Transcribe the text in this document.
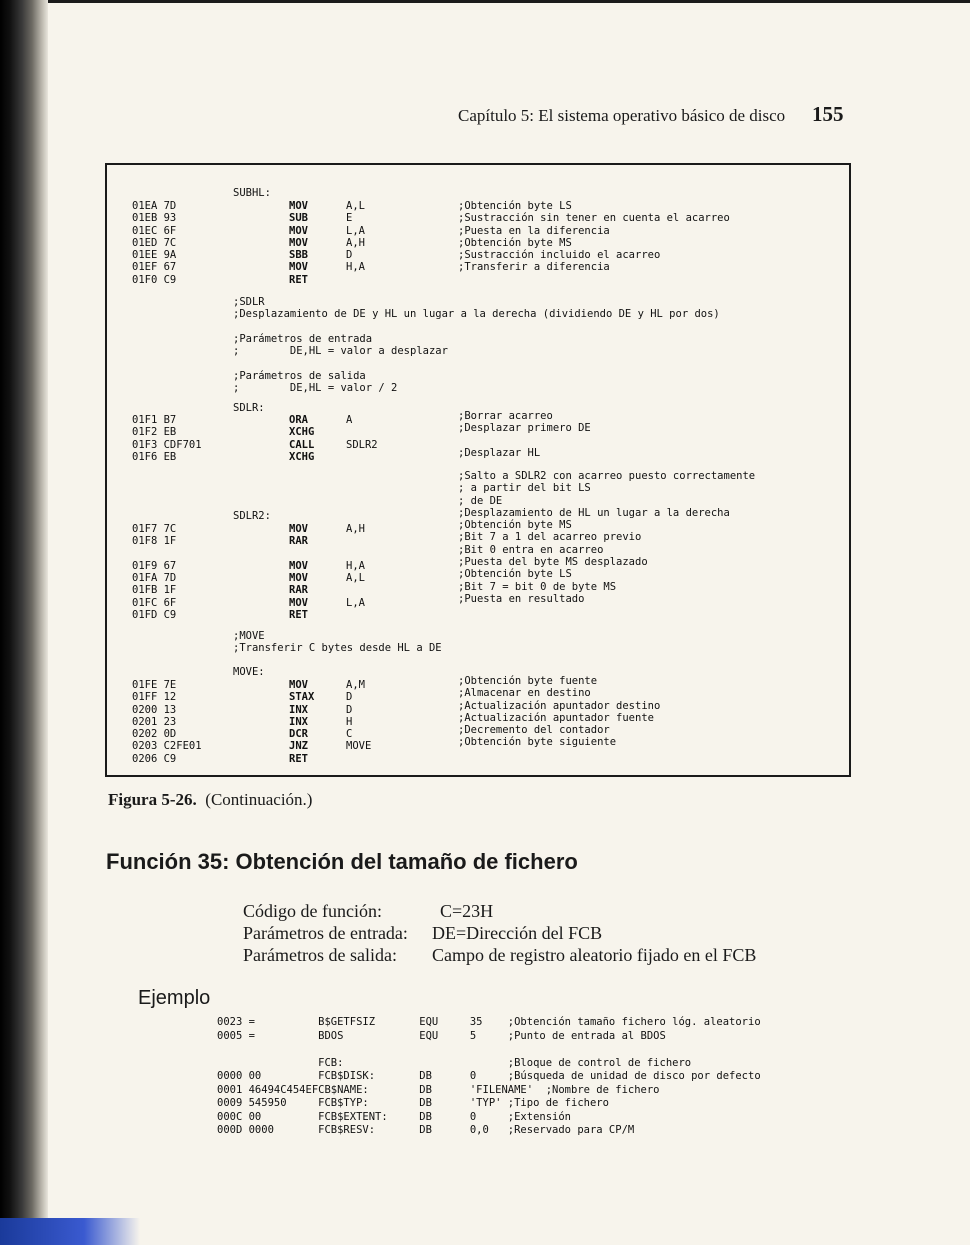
Capítulo 5: El sistema operativo básico de disco 155
SUBHL:
01EA 7D
01EB 93
01EC 6F
01ED 7C
01EE 9A
01EF 67
01F0 C9
MOV
SUB
MOV
MOV
SBB
MOV
RET
A,L
E
L,A
A,H
D
H,A

;Obtención byte LS
;Sustracción sin tener en cuenta el acarreo
;Puesta en la diferencia
;Obtención byte MS
;Sustracción incluido el acarreo
;Transferir a diferencia
;SDLR
;Desplazamiento de DE y HL un lugar a la derecha (dividiendo DE y HL por dos)

;Parámetros de entrada
;        DE,HL = valor a desplazar

;Parámetros de salida
;        DE,HL = valor / 2
SDLR:
01F1 B7
01F2 EB
01F3 CDF701
01F6 EB
ORA
XCHG
CALL
XCHG
A

SDLR2

;Borrar acarreo
;Desplazar primero DE
;Desplazar HL
;Salto a SDLR2 con acarreo puesto correctamente
; a partir del bit LS
; de DE
;Desplazamiento de HL un lugar a la derecha
;Obtención byte MS
;Bit 7 a 1 del acarreo previo
;Bit 0 entra en acarreo
;Puesta del byte MS desplazado
;Obtención byte LS
;Bit 7 = bit 0 de byte MS
;Puesta en resultado
SDLR2:
01F7 7C
01F8 1F

01F9 67
01FA 7D
01FB 1F
01FC 6F
01FD C9
MOV
RAR

MOV
MOV
RAR
MOV
RET
A,H

H,A
A,L

L,A

;MOVE
;Transferir C bytes desde HL a DE
MOVE:
01FE 7E
01FF 12
0200 13
0201 23
0202 0D
0203 C2FE01
0206 C9
MOV
STAX
INX
INX
DCR
JNZ
RET
A,M
D
D
H
C
MOVE

;Obtención byte fuente
;Almacenar en destino
;Actualización apuntador destino
;Actualización apuntador fuente
;Decremento del contador
;Obtención byte siguiente
Figura 5-26. (Continuación.)
Función 35: Obtención del tamaño de fichero
Código de función:	C=23H
Parámetros de entrada: DE=Dirección del FCB
Parámetros de salida: Campo de registro aleatorio fijado en el FCB
Ejemplo
0023 =          B$GETFSIZ       EQU     35    ;Obtención tamaño fichero lóg. aleatorio
0005 =          BDOS            EQU     5     ;Punto de entrada al BDOS

FCB:                          ;Bloque de control de fichero
0000 00         FCB$DISK:       DB      0     ;Búsqueda de unidad de disco por defecto
0001 46494C454EFCB$NAME:        DB      'FILENAME'  ;Nombre de fichero
0009 545950     FCB$TYP:        DB      'TYP' ;Tipo de fichero
000C 00         FCB$EXTENT:     DB      0     ;Extensión
000D 0000       FCB$RESV:       DB      0,0   ;Reservado para CP/M
